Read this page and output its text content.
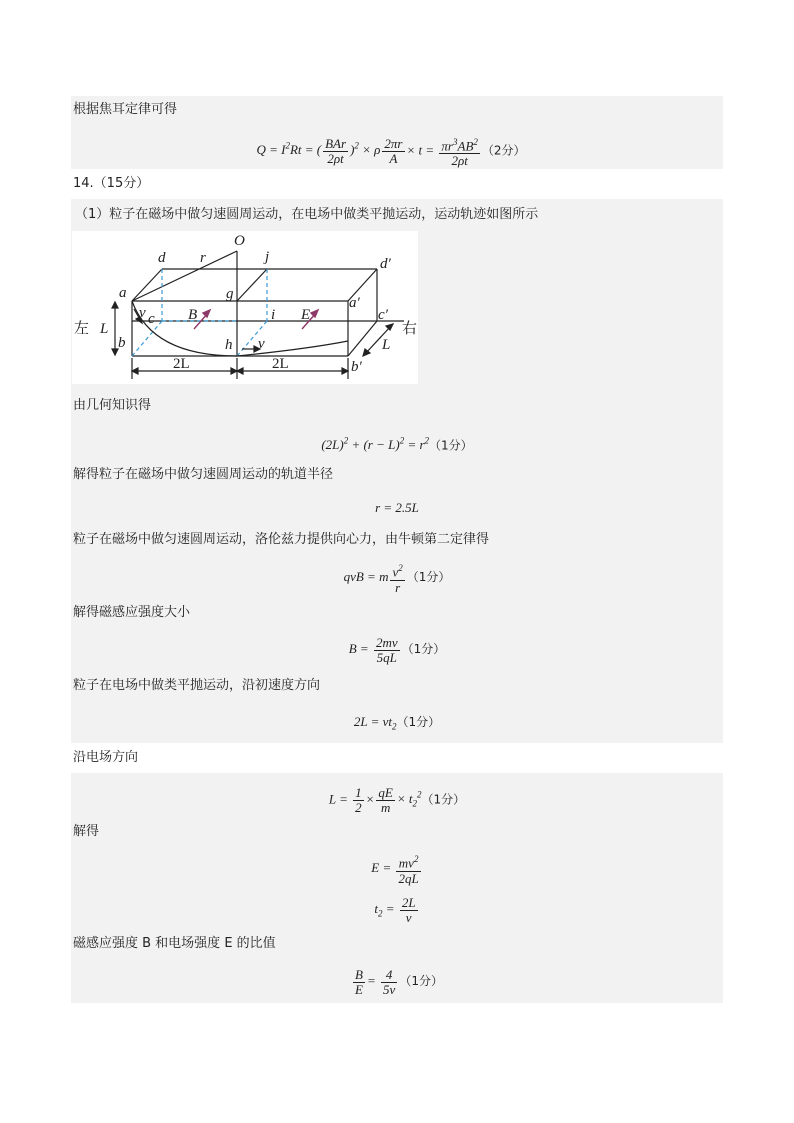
根据焦耳定律可得
$Q = I^2Rt$ = ( $\frac{\text{BAr}}{2\rho t} )^2 \times \rho \frac{2\pi r}{A} \times t = \frac{\pi r^3AB^2}{2\rho t} (2$分）
14.（15分）
（1）粒子在磁场中做匀速圆周运动，在电场中做类平抛运动，运动轨迹如图所示
O
d r	j	d′
a	g
a′
v c B	i E	c′
左 L	右
b	h v	L
b′
2L	2L
由几何知识得
$(2L)^2 + (r - L)^2 = r^2(1$分）
解得粒子在磁场中做匀速圆周运动的轨道半径
r = 2.5L
粒子在磁场中做匀速圆周运动，洛伦兹力提供向心力，由牛顿第二定律得
qvB = m $\frac{v^2}{r} (1$分）
解得磁感应强度大小
$B = \frac{2mv}{5qL} (1$分）
粒子在电场中做类平抛运动，沿初速度方向
$2L = vt_2(1$分）
沿电场方向
$L = \frac{1}{2} \times \frac{qE}{m} \times t_2^2(1$分）
解得
$E = \frac{mv^2}{2qL}$
$t_2 = \frac{2L}{v}$
磁感应强度 B 和电场强度 E 的比值
$\frac{B}{E} = \frac{4}{5v} (1$分）
